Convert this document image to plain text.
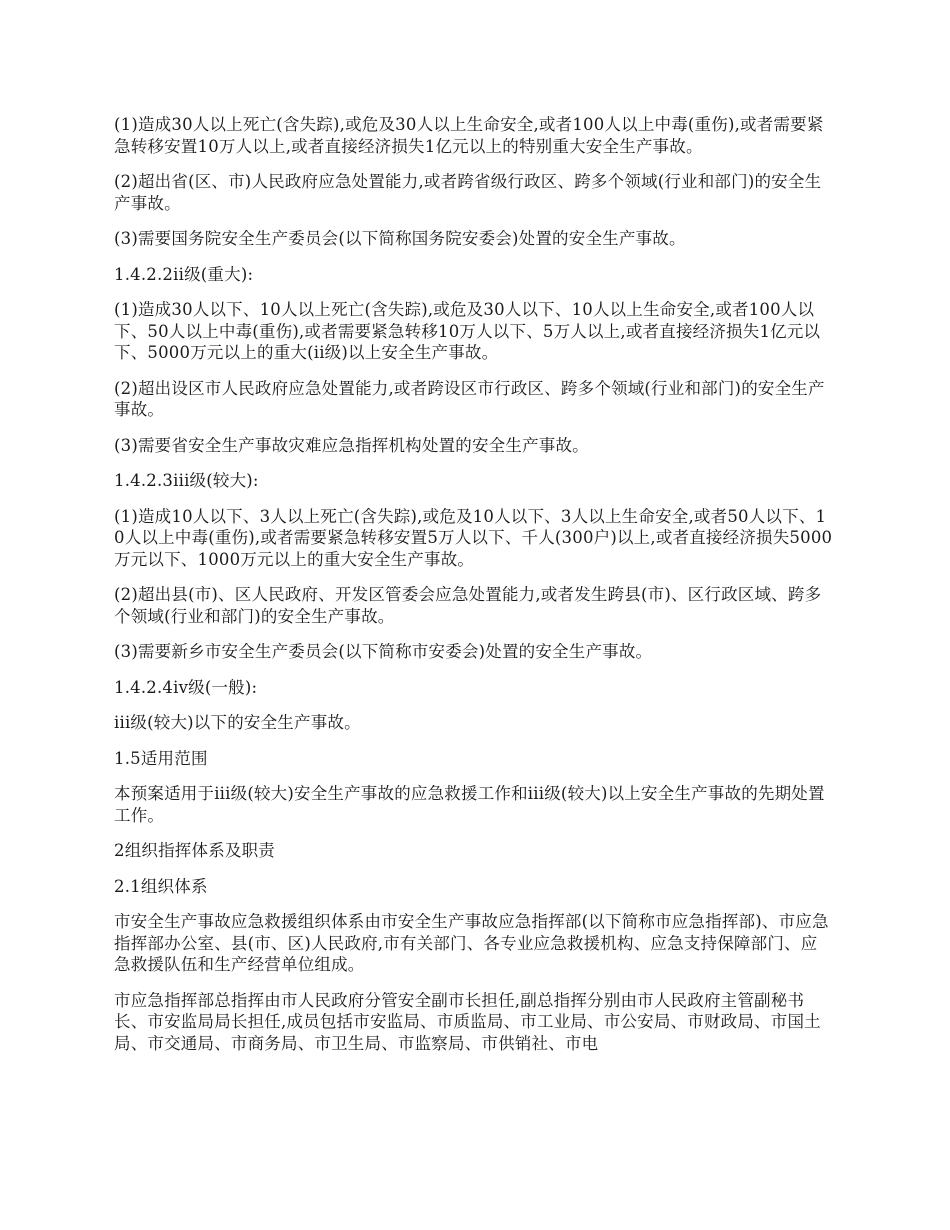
(1)造成30人以上死亡(含失踪),或危及30人以上生命安全,或者100人以上中毒(重伤),或者需要紧急转移安置10万人以上,或者直接经济损失1亿元以上的特别重大安全生产事故。

(2)超出省(区、市)人民政府应急处置能力,或者跨省级行政区、跨多个领域(行业和部门)的安全生产事故。

(3)需要国务院安全生产委员会(以下简称国务院安委会)处置的安全生产事故。

1.4.2.2ii级(重大):

(1)造成30人以下、10人以上死亡(含失踪),或危及30人以下、10人以上生命安全,或者100人以下、50人以上中毒(重伤),或者需要紧急转移10万人以下、5万人以上,或者直接经济损失1亿元以下、5000万元以上的重大(ii级)以上安全生产事故。

(2)超出设区市人民政府应急处置能力,或者跨设区市行政区、跨多个领域(行业和部门)的安全生产事故。

(3)需要省安全生产事故灾难应急指挥机构处置的安全生产事故。

1.4.2.3iii级(较大):

(1)造成10人以下、3人以上死亡(含失踪),或危及10人以下、3人以上生命安全,或者50人以下、10人以上中毒(重伤),或者需要紧急转移安置5万人以下、千人(300户)以上,或者直接经济损失5000万元以下、1000万元以上的重大安全生产事故。

(2)超出县(市)、区人民政府、开发区管委会应急处置能力,或者发生跨县(市)、区行政区域、跨多个领域(行业和部门)的安全生产事故。

(3)需要新乡市安全生产委员会(以下简称市安委会)处置的安全生产事故。

1.4.2.4iv级(一般):

iii级(较大)以下的安全生产事故。

1.5适用范围

本预案适用于iii级(较大)安全生产事故的应急救援工作和iii级(较大)以上安全生产事故的先期处置工作。

2组织指挥体系及职责

2.1组织体系

市安全生产事故应急救援组织体系由市安全生产事故应急指挥部(以下简称市应急指挥部)、市应急指挥部办公室、县(市、区)人民政府,市有关部门、各专业应急救援机构、应急支持保障部门、应急救援队伍和生产经营单位组成。

市应急指挥部总指挥由市人民政府分管安全副市长担任,副总指挥分别由市人民政府主管副秘书长、市安监局局长担任,成员包括市安监局、市质监局、市工业局、市公安局、市财政局、市国土局、市交通局、市商务局、市卫生局、市监察局、市供销社、市电
